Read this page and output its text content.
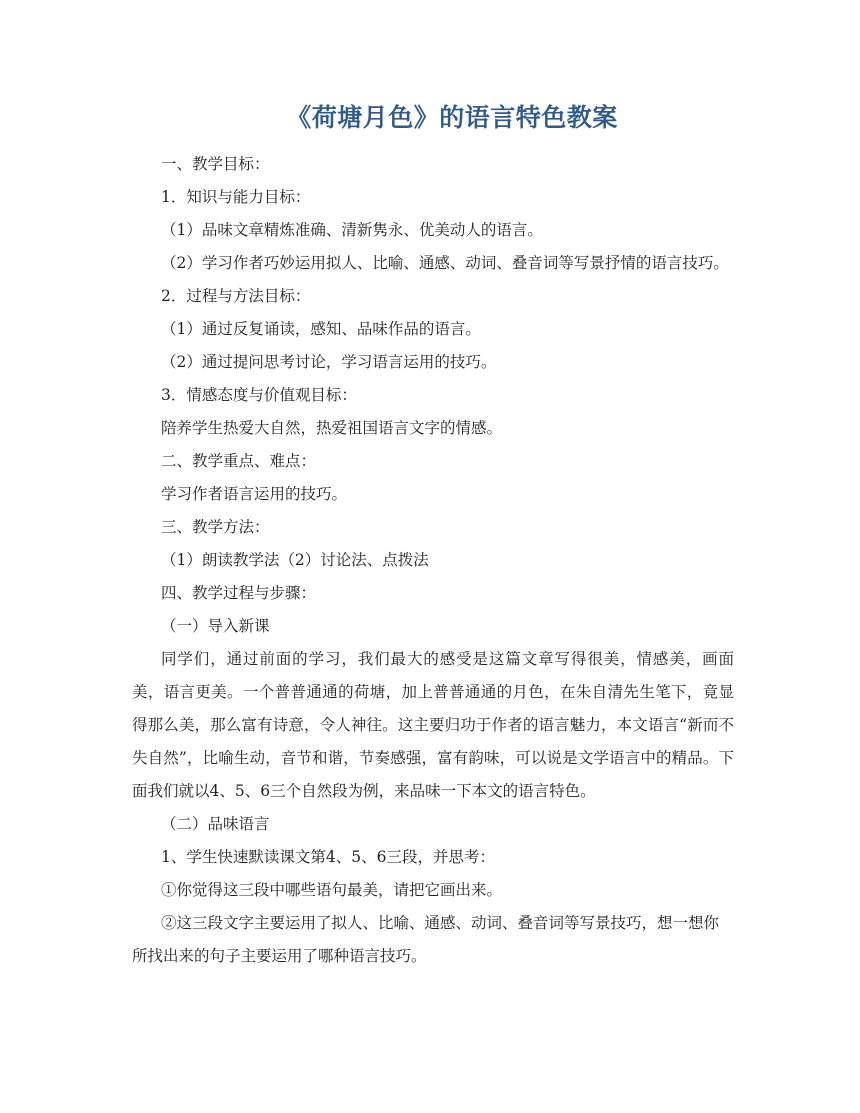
《荷塘月色》的语言特色教案

一、教学目标：

1．知识与能力目标：

（1）品味文章精炼准确、清新隽永、优美动人的语言。

（2）学习作者巧妙运用拟人、比喻、通感、动词、叠音词等写景抒情的语言技巧。

2．过程与方法目标：

（1）通过反复诵读，感知、品味作品的语言。

（2）通过提问思考讨论，学习语言运用的技巧。

3．情感态度与价值观目标：

陪养学生热爱大自然，热爱祖国语言文字的情感。

二、教学重点、难点：

学习作者语言运用的技巧。

三、教学方法：

（1）朗读教学法（2）讨论法、点拨法

四、教学过程与步骤：

（一）导入新课

同学们，通过前面的学习，我们最大的感受是这篇文章写得很美，情感美，画面美，语言更美。一个普普通通的荷塘，加上普普通通的月色，在朱自清先生笔下，竟显得那么美，那么富有诗意，令人神往。这主要归功于作者的语言魅力，本文语言“新而不失自然”，比喻生动，音节和谐，节奏感强，富有韵味，可以说是文学语言中的精品。下面我们就以4、5、6三个自然段为例，来品味一下本文的语言特色。

（二）品味语言

1、学生快速默读课文第4、5、6三段，并思考：

①你觉得这三段中哪些语句最美，请把它画出来。

②这三段文字主要运用了拟人、比喻、通感、动词、叠音词等写景技巧，想一想你所找出来的句子主要运用了哪种语言技巧。
